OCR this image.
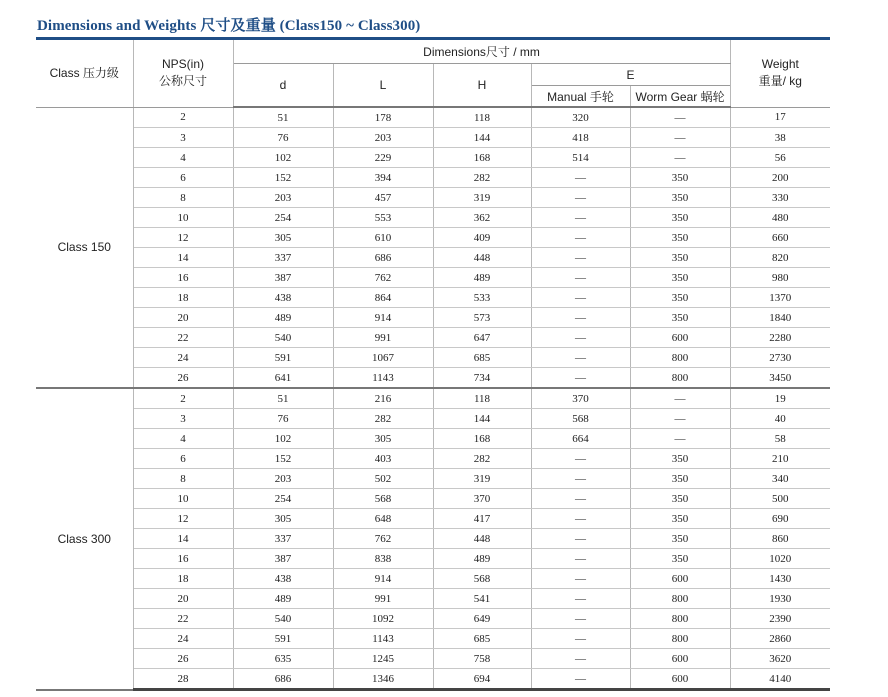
Dimensions and Weights 尺寸及重量 (Class150 ~ Class300)
Class 压力级	NPS(in)
公称尺寸	Dimensions尺寸 / mm					Weight
重量/ kg
		d	L	H	E		
					Manual 手轮	Worm Gear 蜗轮	
Class 150	2	51	178	118	320	—	17
	3	76	203	144	418	—	38
	4	102	229	168	514	—	56
	6	152	394	282	—	350	200
	8	203	457	319	—	350	330
	10	254	553	362	—	350	480
	12	305	610	409	—	350	660
	14	337	686	448	—	350	820
	16	387	762	489	—	350	980
	18	438	864	533	—	350	1370
	20	489	914	573	—	350	1840
	22	540	991	647	—	600	2280
	24	591	1067	685	—	800	2730
	26	641	1143	734	—	800	3450
Class 300	2	51	216	118	370	—	19
	3	76	282	144	568	—	40
	4	102	305	168	664	—	58
	6	152	403	282	—	350	210
	8	203	502	319	—	350	340
	10	254	568	370	—	350	500
	12	305	648	417	—	350	690
	14	337	762	448	—	350	860
	16	387	838	489	—	350	1020
	18	438	914	568	—	600	1430
	20	489	991	541	—	800	1930
	22	540	1092	649	—	800	2390
	24	591	1143	685	—	800	2860
	26	635	1245	758	—	600	3620
	28	686	1346	694	—	600	4140
